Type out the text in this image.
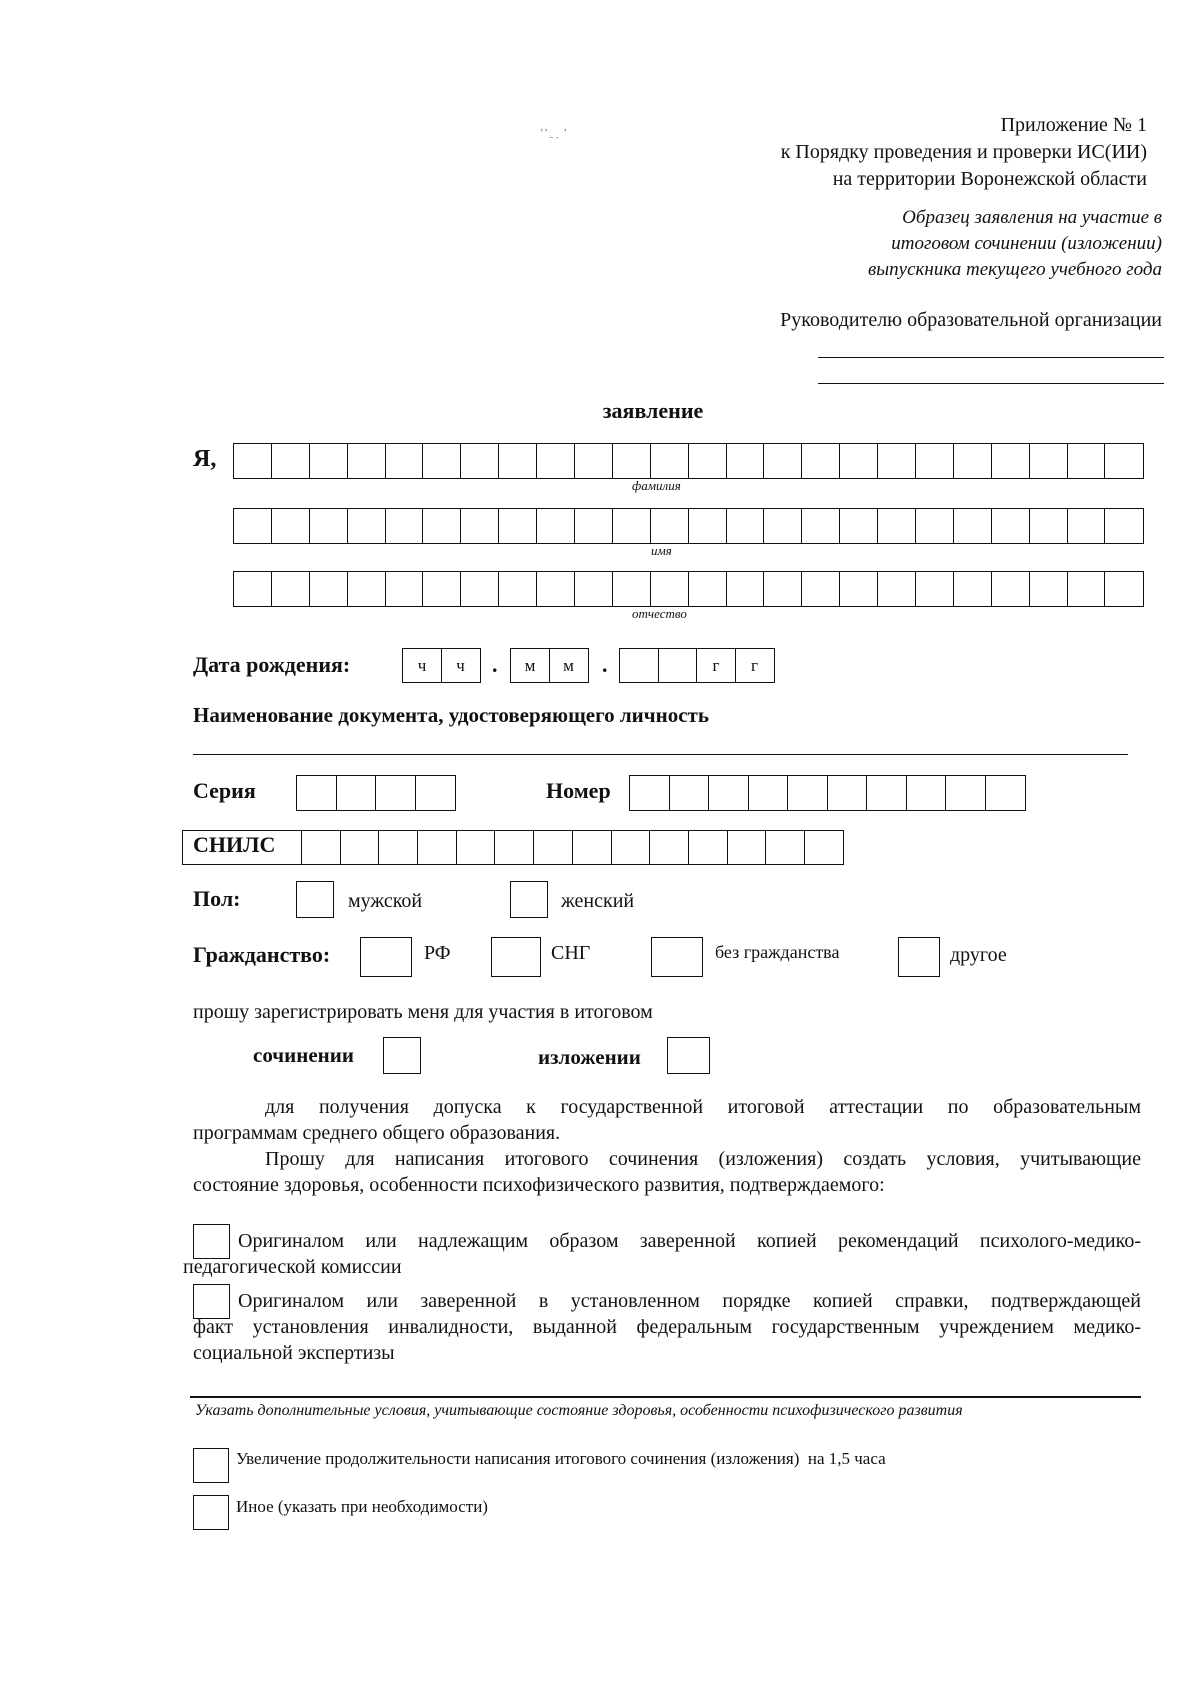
ʼʼ ̤ ˎ ʼ	Приложение № 1
к Порядку проведения и проверки ИС(ИИ)
на территории Воронежской области
Образец заявления на участие в
итоговом сочинении (изложении)
выпускника текущего учебного года
Руководителю образовательной организации
заявление
Я,
фамилия
имя
отчество
Дата рождения:	ч	ч	.	м	м	.	г	г
Наименование документа, удостоверяющего личность
Серия	Номер
СНИЛС
Пол:	мужской	женский
Гражданство:	РФ	СНГ	без гражданства	другое
прошу зарегистрировать меня для участия в итоговом
сочинении	изложении
для получения допуска к государственной итоговой аттестации по образовательным
программам среднего общего образования.
Прошу для написания итогового сочинения (изложения) создать условия, учитывающие
состояние здоровья, особенности психофизического развития, подтверждаемого:
Оригиналом или надлежащим образом заверенной копией рекомендаций психолого-медико-
педагогической комиссии
Оригиналом или заверенной в установленном порядке копией справки, подтверждающей
факт установления инвалидности, выданной федеральным государственным учреждением медико-
социальной экспертизы
Указать дополнительные условия, учитывающие состояние здоровья, особенности психофизического развития
Увеличение продолжительности написания итогового сочинения (изложения)  на 1,5 часа
Иное (указать при необходимости)
